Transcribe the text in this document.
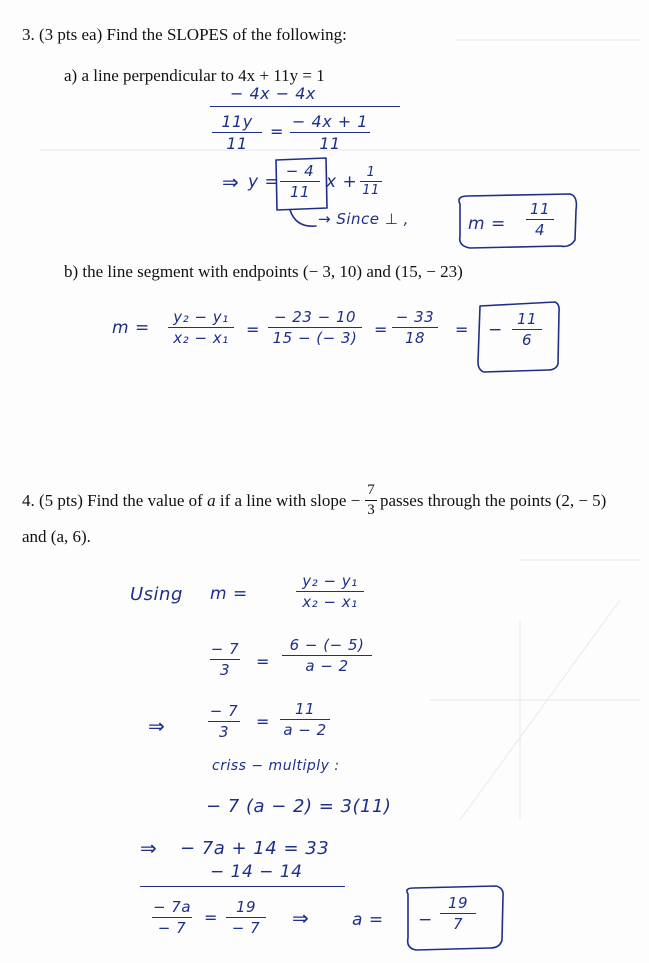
3. (3 pts ea) Find the SLOPES of the following:
a) a line perpendicular to 4x + 11y = 1
b) the line segment with endpoints (− 3, 10) and (15, − 23)
− 4x − 4x
11y
11
=
− 4x + 1
11
⇒ y =
− 4
11 x + 1
11
→ Since ⊥ ,	m =
11
4
m =
y₂ − y₁
x₂ − x₁	=
− 23 − 10
15 − (− 3) =
− 33
18	= −
11
6
4. (5 pts) Find the value of a if a line with slope −
7
3 passes through the points (2, − 5)
and (a, 6).
Using m =
y₂ − y₁
x₂ − x₁
− 7
3	=
6 − (− 5)
a − 2
⇒
− 7
3
=
11
a − 2
criss − multiply :
− 7 (a − 2) = 3(11)
⇒ − 7a + 14 = 33
− 14 − 14
− 7a
− 7
=
19
− 7 ⇒	a = −
19
7
